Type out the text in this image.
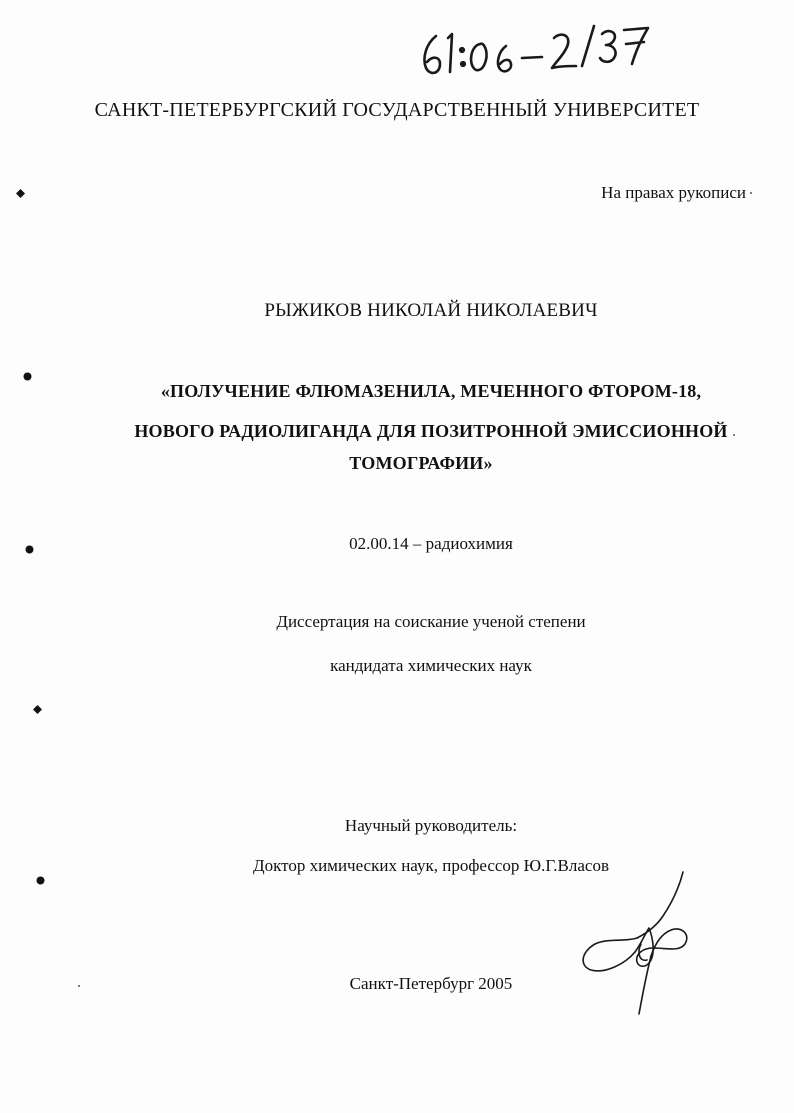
САНКТ-ПЕТЕРБУРГСКИЙ ГОСУДАРСТВЕННЫЙ УНИВЕРСИТЕТ
На правах рукописи
РЫЖИКОВ НИКОЛАЙ НИКОЛАЕВИЧ
«ПОЛУЧЕНИЕ ФЛЮМАЗЕНИЛА, МЕЧЕННОГО ФТОРОМ-18,
НОВОГО РАДИОЛИГАНДА ДЛЯ ПОЗИТРОННОЙ ЭМИССИОННОЙ
ТОМОГРАФИИ»
02.00.14 – радиохимия
Диссертация на соискание ученой степени
кандидата химических наук
Научный руководитель:
Доктор химических наук, профессор Ю.Г.Власов
Санкт-Петербург 2005
